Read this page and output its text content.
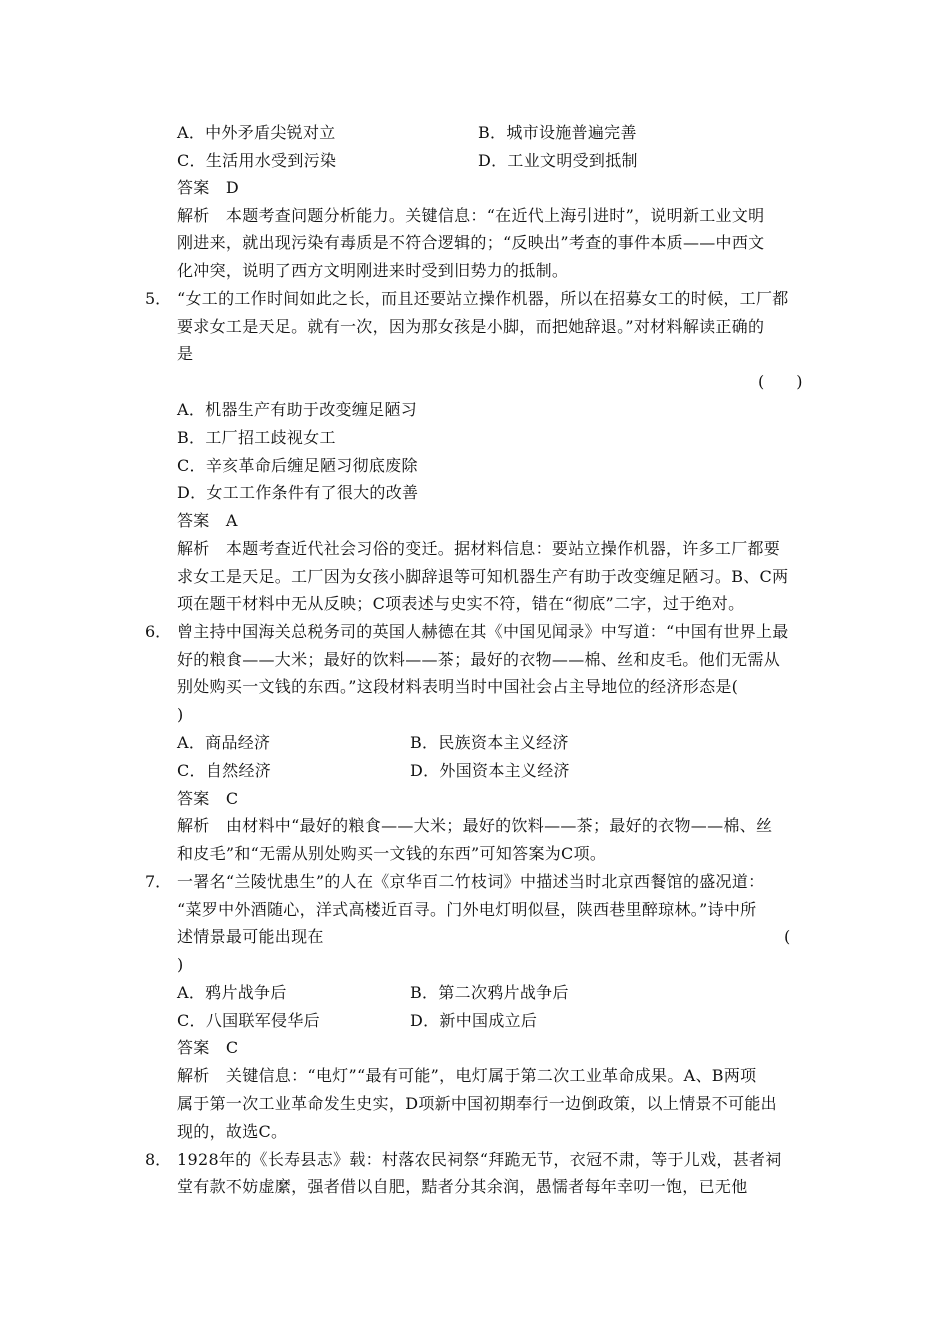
A．中外矛盾尖锐对立	B．城市设施普遍完善
C．生活用水受到污染	D．工业文明受到抵制
答案　D
解析　本题考查问题分析能力。关键信息：“在近代上海引进时”，说明新工业文明
刚进来，就出现污染有毒质是不符合逻辑的；“反映出”考查的事件本质——中西文
化冲突，说明了西方文明刚进来时受到旧势力的抵制。
5． “女工的工作时间如此之长，而且还要站立操作机器，所以在招募女工的时候，工厂都
要求女工是天足。就有一次，因为那女孩是小脚，而把她辞退。”对材料解读正确的
是
(　　)
A．机器生产有助于改变缠足陋习
B．工厂招工歧视女工
C．辛亥革命后缠足陋习彻底废除
D．女工工作条件有了很大的改善
答案　A
解析　本题考查近代社会习俗的变迁。据材料信息：要站立操作机器，许多工厂都要
求女工是天足。工厂因为女孩小脚辞退等可知机器生产有助于改变缠足陋习。B、C两
项在题干材料中无从反映；C项表述与史实不符，错在“彻底”二字，过于绝对。
6． 曾主持中国海关总税务司的英国人赫德在其《中国见闻录》中写道：“中国有世界上最
好的粮食——大米；最好的饮料——茶；最好的衣物——棉、丝和皮毛。他们无需从
别处购买一文钱的东西。”这段材料表明当时中国社会占主导地位的经济形态是(
)
A．商品经济	B．民族资本主义经济
C．自然经济	D．外国资本主义经济
答案　C
解析　由材料中“最好的粮食——大米；最好的饮料——茶；最好的衣物——棉、丝
和皮毛”和“无需从别处购买一文钱的东西”可知答案为C项。
7． 一署名“兰陵忧患生”的人在《京华百二竹枝词》中描述当时北京西餐馆的盛况道：
“菜罗中外酒随心，洋式高楼近百寻。门外电灯明似昼，陕西巷里醉琼林。”诗中所
述情景最可能出现在	(
)
A．鸦片战争后	B．第二次鸦片战争后
C．八国联军侵华后	D．新中国成立后
答案　C
解析　关键信息：“电灯”“最有可能”，电灯属于第二次工业革命成果。A、B两项
属于第一次工业革命发生史实，D项新中国初期奉行一边倒政策，以上情景不可能出
现的，故选C。
8． 1928年的《长寿县志》载：村落农民祠祭“拜跪无节，衣冠不肃，等于儿戏，甚者祠
堂有款不妨虚縻，强者借以自肥，黠者分其余润，愚懦者每年幸叨一饱，已无他
